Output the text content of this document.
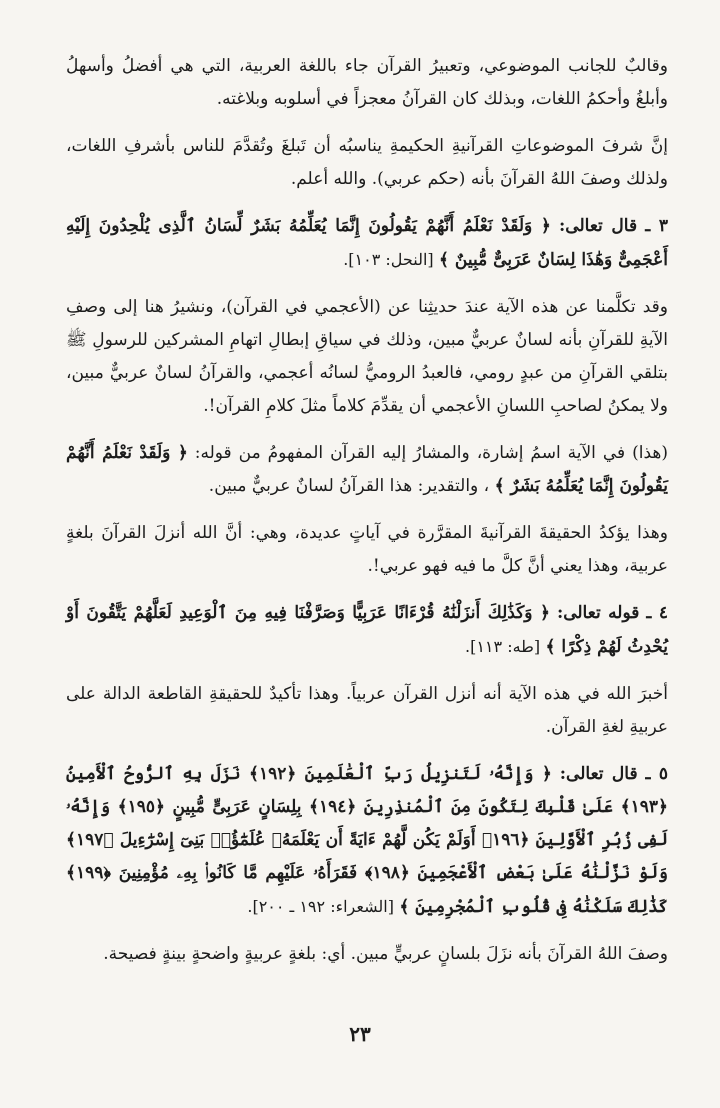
وقالبٌ للجانب الموضوعي، وتعبيرُ القرآن جاء باللغة العربية، التي هي أفضلُ وأسهلُ وأبلغُ وأحكمُ اللغات، وبذلك كان القرآنُ معجزاً في أسلوبه وبلاغته.

إنَّ شرفَ الموضوعاتِ القرآنيةِ الحكيمةِ يناسبُه أن تَبلغَ وتُقدَّمَ للناس بأشرفِ اللغات، ولذلك وصفَ اللهُ القرآنَ بأنه (حكم عربي). والله أعلم.

٣ ـ قال تعالى: ﴿ وَلَقَدْ نَعْلَمُ أَنَّهُمْ يَقُولُونَ إِنَّمَا يُعَلِّمُهُ بَشَرٌ لِّسَانُ ٱلَّذِى يُلْحِدُونَ إِلَيْهِ أَعْجَمِىٌّ وَهَٰذَا لِسَانٌ عَرَبِىٌّ مُّبِينٌ ﴾ [النحل: ١٠٣].

وقد تكلَّمنا عن هذه الآية عندَ حديثِنا عن (الأعجمي في القرآن)، ونشيرُ هنا إلى وصفِ الآيةِ للقرآنِ بأنه لسانٌ عربيٌّ مبين، وذلك في سياقِ إبطالِ اتهامِ المشركين للرسولِ ﷺ بتلقي القرآنِ من عبدٍ رومي، فالعبدُ الروميُّ لسانُه أعجمي، والقرآنُ لسانٌ عربيٌّ مبين، ولا يمكنُ لصاحبِ اللسانِ الأعجمي أن يقدِّمَ كلاماً مثلَ كلامِ القرآن!.

(هذا) في الآية اسمُ إشارة، والمشارُ إليه القرآن المفهومُ من قوله: ﴿ وَلَقَدْ نَعْلَمُ أَنَّهُمْ يَقُولُونَ إِنَّمَا يُعَلِّمُهُ بَشَرٌ ﴾ ، والتقدير: هذا القرآنُ لسانٌ عربيٌّ مبين.

وهذا يؤكدُ الحقيقةَ القرآنيةَ المقرَّرة في آياتٍ عديدة، وهي: أنَّ الله أنزلَ القرآنَ بلغةٍ عربية، وهذا يعني أنَّ كلَّ ما فيه فهو عربي!.

٤ ـ قوله تعالى: ﴿ وَكَذَٰلِكَ أَنزَلْنَٰهُ قُرْءَانًا عَرَبِيًّا وَصَرَّفْنَا فِيهِ مِنَ ٱلْوَعِيدِ لَعَلَّهُمْ يَتَّقُونَ أَوْ يُحْدِثُ لَهُمْ ذِكْرًا ﴾ [طه: ١١٣].

أخبرَ الله في هذه الآية أنه أنزل القرآن عربياً. وهذا تأكيدٌ للحقيقةِ القاطعة الدالة على عربيةِ لغةِ القرآن.

٥ ـ قال تعالى: ﴿ وَإِنَّهُۥ لَتَنزِيلُ رَبِّ ٱلْعَٰلَمِينَ ﴿١٩٢﴾ نَزَلَ بِهِ ٱلرُّوحُ ٱلْأَمِينُ ﴿١٩٣﴾ عَلَىٰ قَلْبِكَ لِتَكُونَ مِنَ ٱلْمُنذِرِينَ ﴿١٩٤﴾ بِلِسَانٍ عَرَبِىٍّ مُّبِينٍ ﴿١٩٥﴾ وَإِنَّهُۥ لَفِى زُبُرِ ٱلْأَوَّلِينَ ﴿١٩٦﴾ أَوَلَمْ يَكُن لَّهُمْ ءَايَةً أَن يَعْلَمَهُۥ عُلَمَٰٓؤُا۟ بَنِىٓ إِسْرَٰٓءِيلَ ﴿١٩٧﴾ وَلَوْ نَزَّلْنَٰهُ عَلَىٰ بَعْضِ ٱلْأَعْجَمِينَ ﴿١٩٨﴾ فَقَرَأَهُۥ عَلَيْهِم مَّا كَانُوا۟ بِهِۦ مُؤْمِنِينَ ﴿١٩٩﴾ كَذَٰلِكَ سَلَكْنَٰهُ فِى قُلُوبِ ٱلْمُجْرِمِينَ ﴾ [الشعراء: ١٩٢ ـ ٢٠٠].

وصفَ اللهُ القرآنَ بأنه نزَلَ بلسانٍ عربيٍّ مبين. أي: بلغةٍ عربيةٍ واضحةٍ بينةٍ فصيحة.

٢٣
